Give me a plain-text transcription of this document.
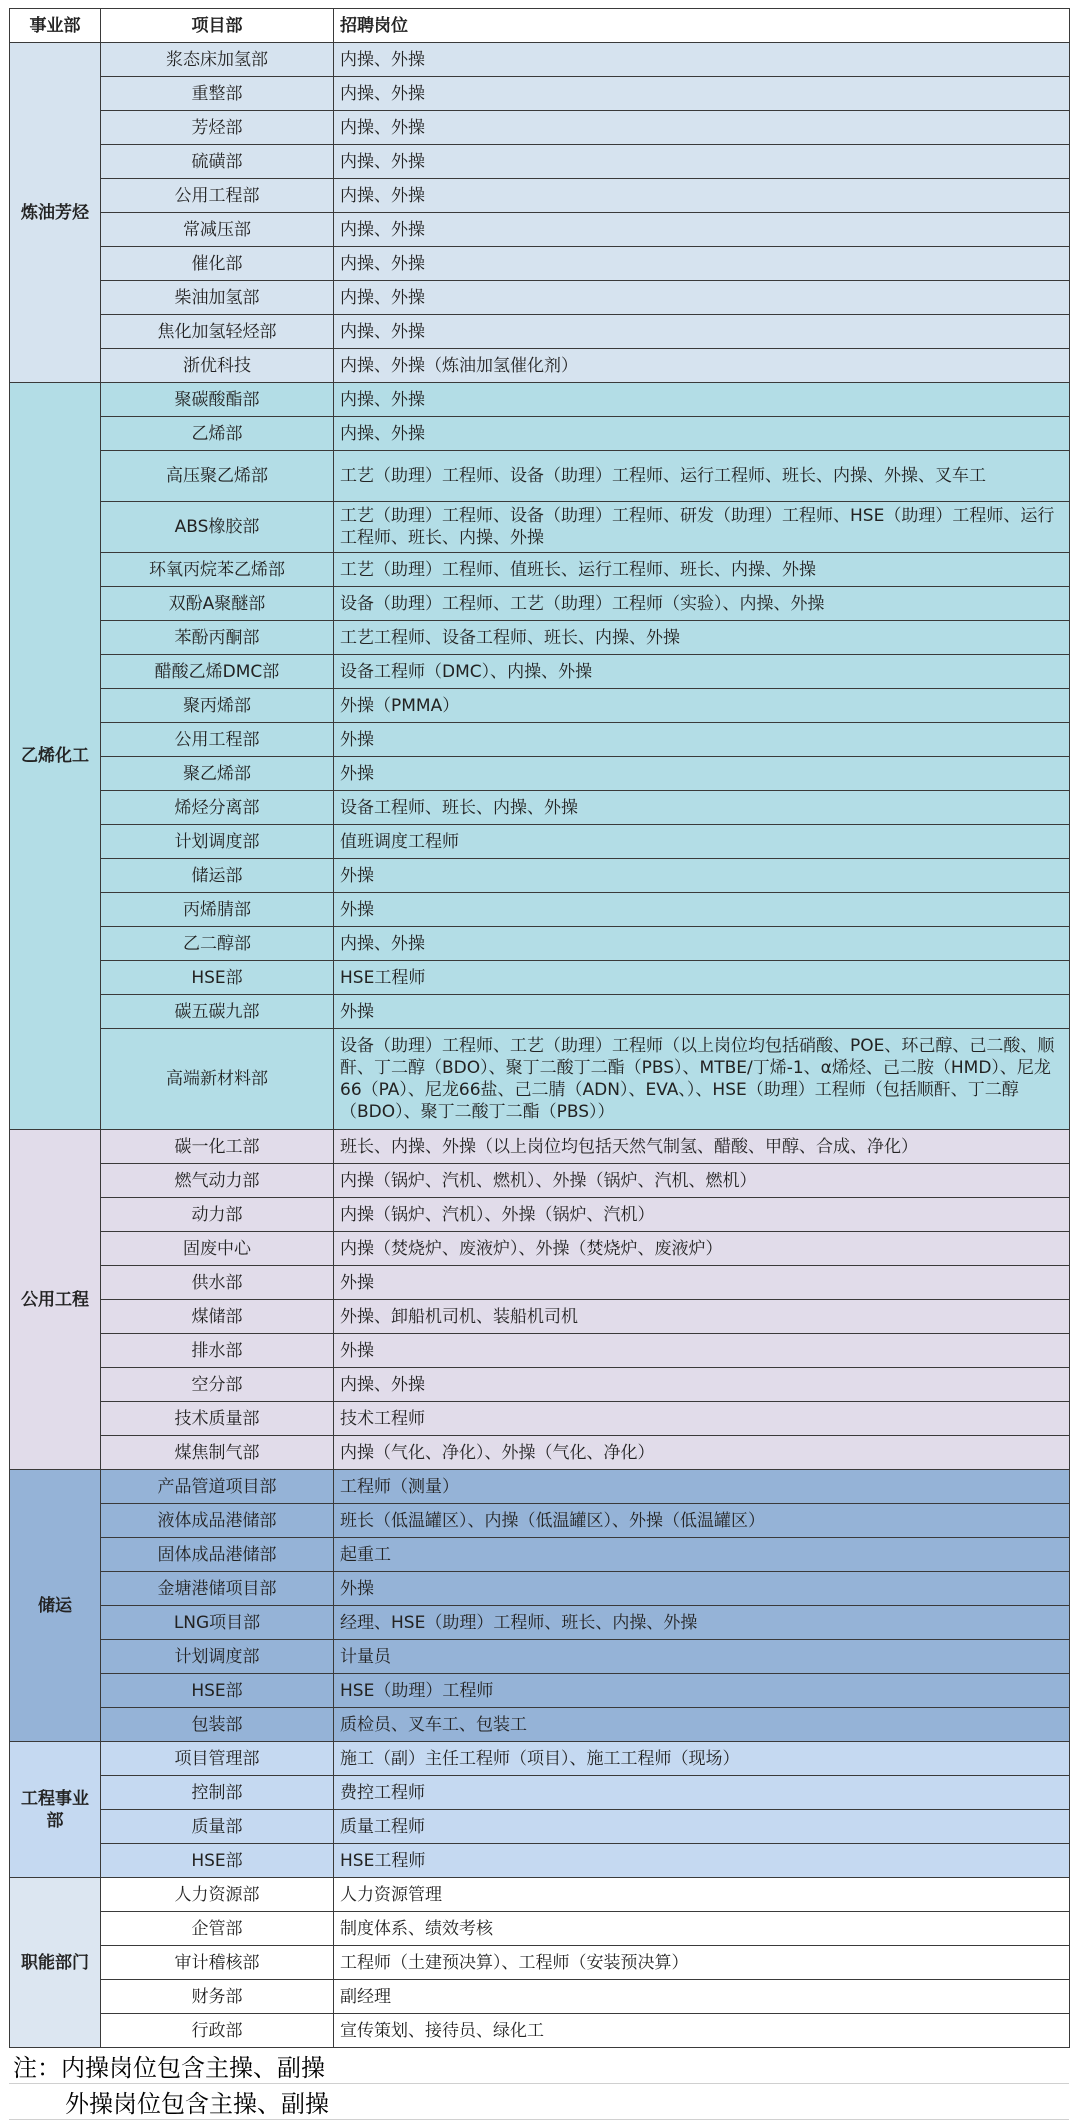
事业部	项目部	招聘岗位
炼油芳烃	浆态床加氢部	内操、外操
	重整部	内操、外操
	芳烃部	内操、外操
	硫磺部	内操、外操
	公用工程部	内操、外操
	常减压部	内操、外操
	催化部	内操、外操
	柴油加氢部	内操、外操
	焦化加氢轻烃部	内操、外操
	浙优科技	内操、外操（炼油加氢催化剂）
乙烯化工	聚碳酸酯部	内操、外操
	乙烯部	内操、外操
	高压聚乙烯部	工艺（助理）工程师、设备（助理）工程师、运行工程师、班长、内操、外操、叉车工
	ABS橡胶部	工艺（助理）工程师、设备（助理）工程师、研发（助理）工程师、HSE（助理）工程师、运行工程师、班长、内操、外操
	环氧丙烷苯乙烯部	工艺（助理）工程师、值班长、运行工程师、班长、内操、外操
	双酚A聚醚部	设备（助理）工程师、工艺（助理）工程师（实验）、内操、外操
	苯酚丙酮部	工艺工程师、设备工程师、班长、内操、外操
	醋酸乙烯DMC部	设备工程师（DMC）、内操、外操
	聚丙烯部	外操（PMMA）
	公用工程部	外操
	聚乙烯部	外操
	烯烃分离部	设备工程师、班长、内操、外操
	计划调度部	值班调度工程师
	储运部	外操
	丙烯腈部	外操
	乙二醇部	内操、外操
	HSE部	HSE工程师
	碳五碳九部	外操
	高端新材料部	设备（助理）工程师、工艺（助理）工程师（以上岗位均包括硝酸、POE、环己醇、己二酸、顺酐、丁二醇（BDO）、聚丁二酸丁二酯（PBS）、MTBE/丁烯-1、α烯烃、己二胺（HMD）、尼龙66（PA）、尼龙66盐、己二腈（ADN）、EVA、）、HSE（助理）工程师（包括顺酐、丁二醇（BDO）、聚丁二酸丁二酯（PBS））
公用工程	碳一化工部	班长、内操、外操（以上岗位均包括天然气制氢、醋酸、甲醇、合成、净化）
	燃气动力部	内操（锅炉、汽机、燃机）、外操（锅炉、汽机、燃机）
	动力部	内操（锅炉、汽机）、外操（锅炉、汽机）
	固废中心	内操（焚烧炉、废液炉）、外操（焚烧炉、废液炉）
	供水部	外操
	煤储部	外操、卸船机司机、装船机司机
	排水部	外操
	空分部	内操、外操
	技术质量部	技术工程师
	煤焦制气部	内操（气化、净化）、外操（气化、净化）
储运	产品管道项目部	工程师（测量）
	液体成品港储部	班长（低温罐区）、内操（低温罐区）、外操（低温罐区）
	固体成品港储部	起重工
	金塘港储项目部	外操
	LNG项目部	经理、HSE（助理）工程师、班长、内操、外操
	计划调度部	计量员
	HSE部	HSE（助理）工程师
	包装部	质检员、叉车工、包装工
工程事业部	项目管理部	施工（副）主任工程师（项目）、施工工程师（现场）
	控制部	费控工程师
	质量部	质量工程师
	HSE部	HSE工程师
职能部门	人力资源部	人力资源管理
	企管部	制度体系、绩效考核
	审计稽核部	工程师（土建预决算）、工程师（安装预决算）
	财务部	副经理
	行政部	宣传策划、接待员、绿化工
注：内操岗位包含主操、副操	
外操岗位包含主操、副操	
